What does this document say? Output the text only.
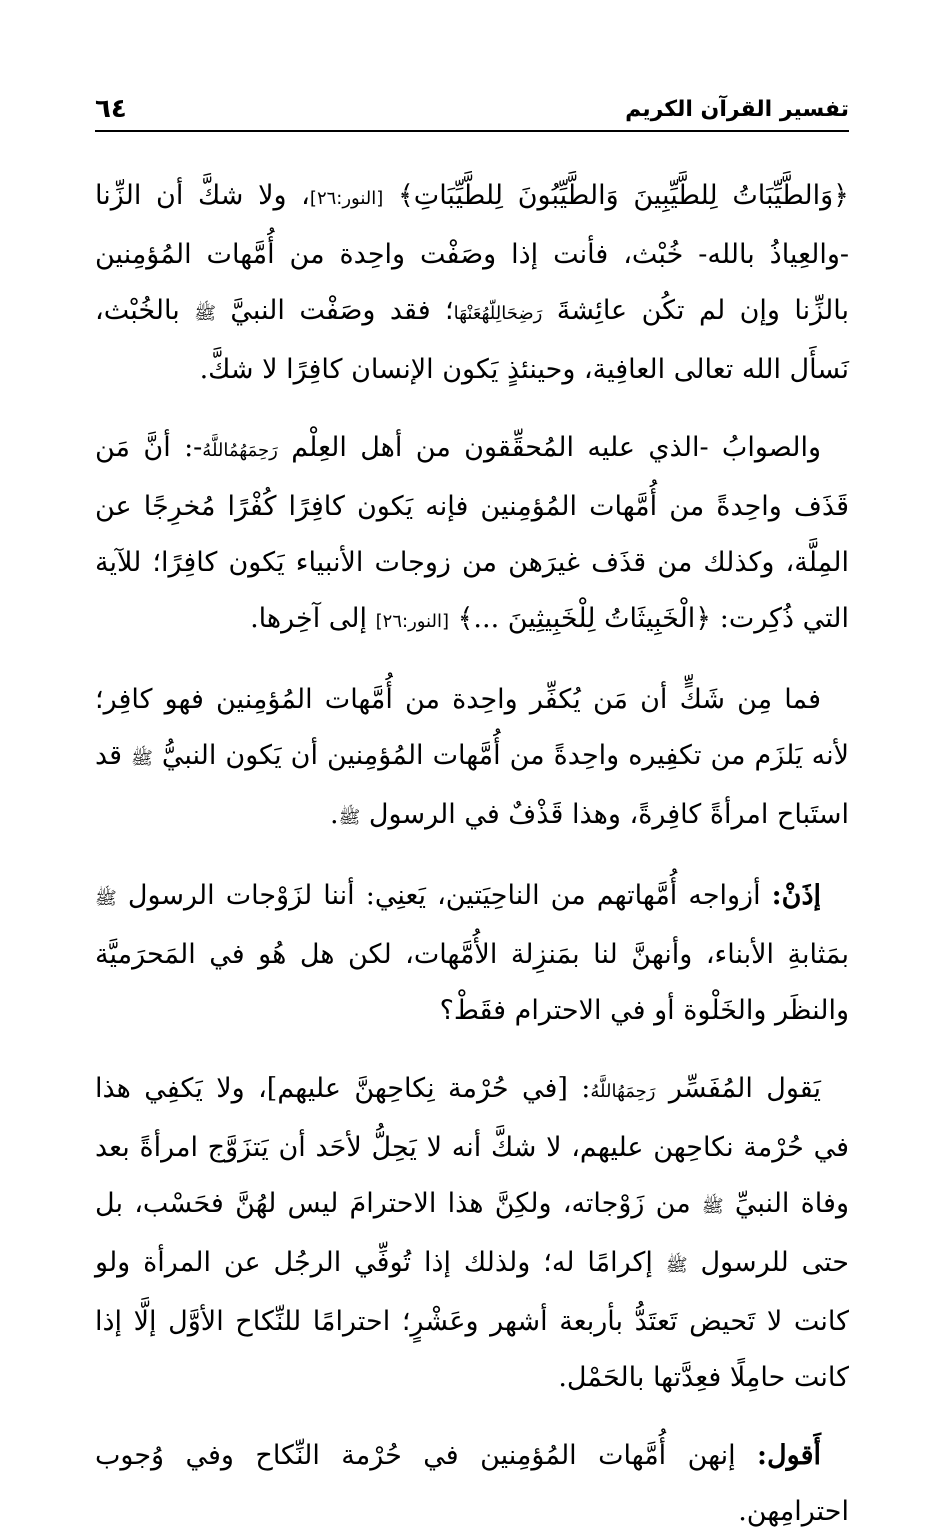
٦٤	تفسير القرآن الكريم

﴿وَالطَّيِّبَاتُ لِلطَّيِّبِينَ وَالطَّيِّبُونَ لِلطَّيِّبَاتِ﴾ [النور:٢٦]، ولا شكَّ أن الزِّنا -والعِياذُ بالله- خُبْث، فأنت إذا وصَفْت واحِدة من أُمَّهات المُؤمِنين بالزِّنا وإن لم تكُن عائِشةَ رَضِحَالِلّهُعَنْهَا؛ فقد وصَفْت النبيَّ ﷺ بالخُبْث، نَسأَل الله تعالى العافِية، وحينئذٍ يَكون الإنسان كافِرًا لا شكَّ.

والصوابُ -الذي عليه المُحقِّقون من أهل العِلْم رَحِمَهُمُاللَّهُ-: أنَّ مَن قَذَف واحِدةً من أُمَّهات المُؤمِنين فإنه يَكون كافِرًا كُفْرًا مُخرِجًا عن المِلَّة، وكذلك من قذَف غيرَهن من زوجات الأنبياء يَكون كافِرًا؛ للآية التي ذُكِرت: ﴿الْخَبِيثَاتُ لِلْخَبِيثِينَ ...﴾ [النور:٢٦] إلى آخِرها.

فما مِن شَكٍّ أن مَن يُكفِّر واحِدة من أُمَّهات المُؤمِنين فهو كافِر؛ لأنه يَلزَم من تكفِيره واحِدةً من أُمَّهات المُؤمِنين أن يَكون النبيُّ ﷺ قد استَباح امرأةً كافِرةً، وهذا قَذْفٌ في الرسول ﷺ.

إذَنْ: أزواجه أُمَّهاتهم من الناحِيَتين، يَعنِي: أننا لزَوْجات الرسول ﷺ بمَثابةِ الأبناء، وأنهنَّ لنا بمَنزِلة الأُمَّهات، لكن هل هُو في المَحرَميَّة والنظَر والخَلْوة أو في الاحترام فقَطْ؟

يَقول المُفَسِّر رَحِمَهُاللَّهُ: [في حُرْمة نِكاحِهنَّ عليهم]، ولا يَكفِي هذا في حُرْمة نكاحِهن عليهم، لا شكَّ أنه لا يَحِلُّ لأحَد أن يَتزَوَّج امرأةً بعد وفاة النبيِّ ﷺ من زَوْجاته، ولكِنَّ هذا الاحترامَ ليس لهُنَّ فحَسْب، بل حتى للرسول ﷺ إكرامًا له؛ ولذلك إذا تُوفِّي الرجُل عن المرأة ولو كانت لا تَحيض تَعتَدُّ بأربعة أشهر وعَشْرٍ؛ احترامًا للنِّكاح الأوَّل إلَّا إذا كانت حامِلًا فعِدَّتها بالحَمْل.

أَقول: إنهن أُمَّهات المُؤمِنين في حُرْمة النِّكاح وفي وُجوب احترامِهن.
